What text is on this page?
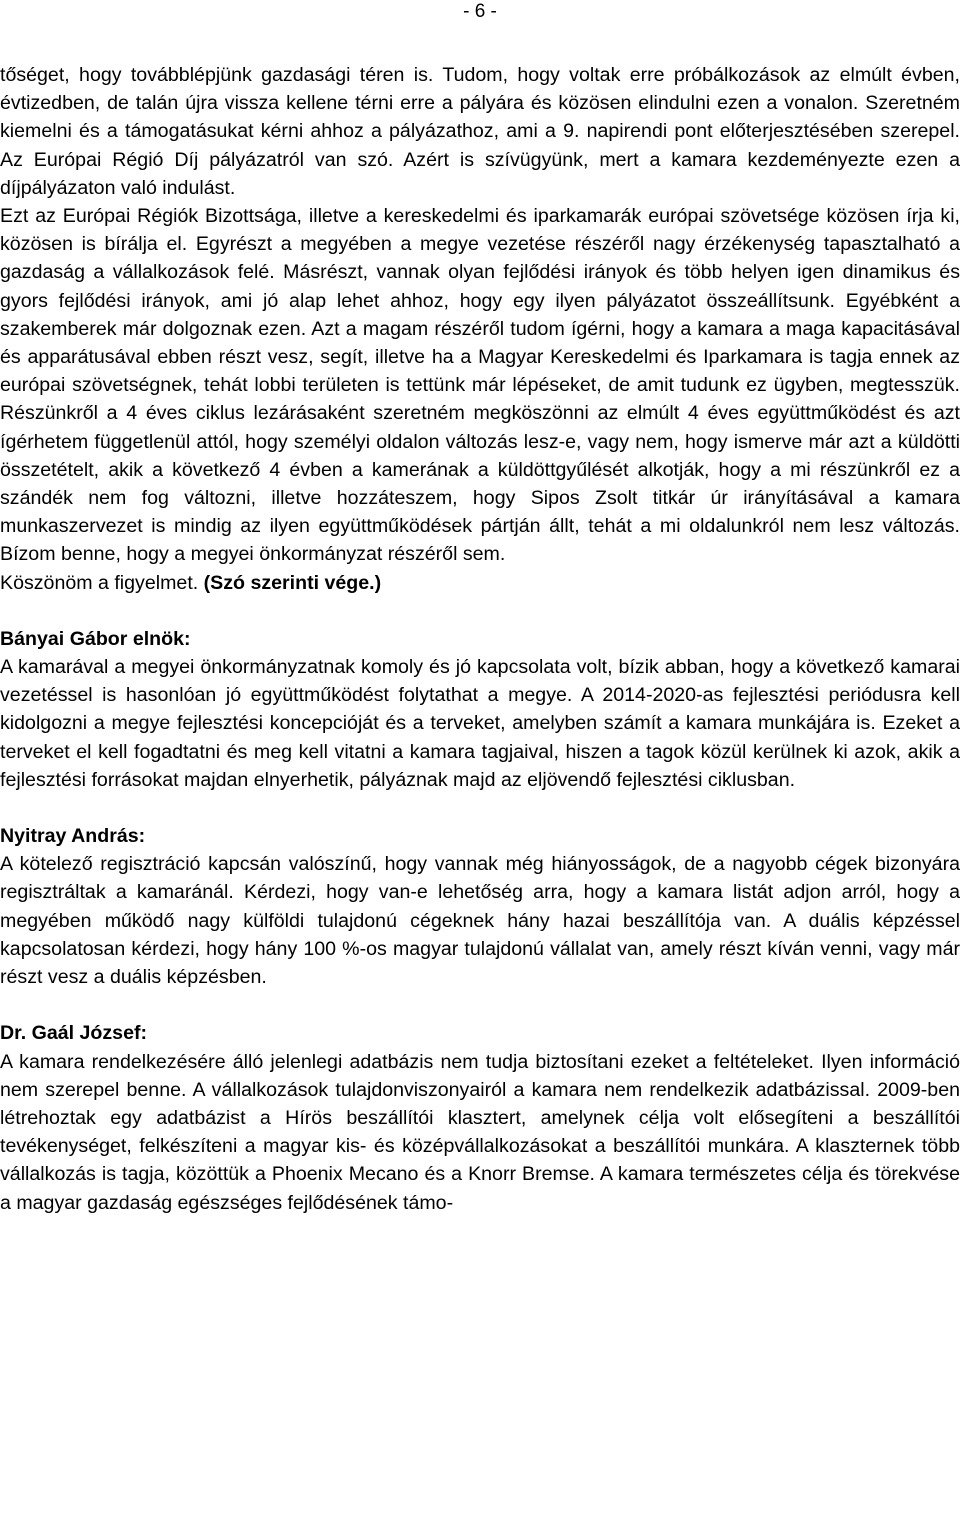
- 6 -

tőséget, hogy továbblépjünk gazdasági téren is. Tudom, hogy voltak erre próbálkozások az elmúlt évben, évtizedben, de talán újra vissza kellene térni erre a pályára és közösen elindulni ezen a vonalon. Szeretném kiemelni és a támogatásukat kérni ahhoz a pályázathoz, ami a 9. napirendi pont előterjesztésében szerepel. Az Európai Régió Díj pályázatról van szó. Azért is szívügyünk, mert a kamara kezdeményezte ezen a díjpályázaton való indulást.

Ezt az Európai Régiók Bizottsága, illetve a kereskedelmi és iparkamarák európai szövetsége közösen írja ki, közösen is bírálja el. Egyrészt a megyében a megye vezetése részéről nagy érzékenység tapasztalható a gazdaság a vállalkozások felé. Másrészt, vannak olyan fejlődési irányok és több helyen igen dinamikus és gyors fejlődési irányok, ami jó alap lehet ahhoz, hogy egy ilyen pályázatot összeállítsunk. Egyébként a szakemberek már dolgoznak ezen. Azt a magam részéről tudom ígérni, hogy a kamara a maga kapacitásával és apparátusával ebben részt vesz, segít, illetve ha a Magyar Kereskedelmi és Iparkamara is tagja ennek az európai szövetségnek, tehát lobbi területen is tettünk már lépéseket, de amit tudunk ez ügyben, megtesszük. Részünkről a 4 éves ciklus lezárásaként szeretném megköszönni az elmúlt 4 éves együttműködést és azt ígérhetem függetlenül attól, hogy személyi oldalon változás lesz-e, vagy nem, hogy ismerve már azt a küldötti összetételt, akik a következő 4 évben a kamerának a küldöttgyűlését alkotják, hogy a mi részünkről ez a szándék nem fog változni, illetve hozzáteszem, hogy Sipos Zsolt titkár úr irányításával a kamara munkaszervezet is mindig az ilyen együttműködések pártján állt, tehát a mi oldalunkról nem lesz változás. Bízom benne, hogy a megyei önkormányzat részéről sem.

Köszönöm a figyelmet. (Szó szerinti vége.)

Bányai Gábor elnök:

A kamarával a megyei önkormányzatnak komoly és jó kapcsolata volt, bízik abban, hogy a következő kamarai vezetéssel is hasonlóan jó együttműködést folytathat a megye. A 2014-2020-as fejlesztési periódusra kell kidolgozni a megye fejlesztési koncepcióját és a terveket, amelyben számít a kamara munkájára is. Ezeket a terveket el kell fogadtatni és meg kell vitatni a kamara tagjaival, hiszen a tagok közül kerülnek ki azok, akik a fejlesztési forrásokat majdan elnyerhetik, pályáznak majd az eljövendő fejlesztési ciklusban.

Nyitray András:

A kötelező regisztráció kapcsán valószínű, hogy vannak még hiányosságok, de a nagyobb cégek bizonyára regisztráltak a kamaránál. Kérdezi, hogy van-e lehetőség arra, hogy a kamara listát adjon arról, hogy a megyében működő nagy külföldi tulajdonú cégeknek hány hazai beszállítója van. A duális képzéssel kapcsolatosan kérdezi, hogy hány 100 %-os magyar tulajdonú vállalat van, amely részt kíván venni, vagy már részt vesz a duális képzésben.

Dr. Gaál József:

A kamara rendelkezésére álló jelenlegi adatbázis nem tudja biztosítani ezeket a feltételeket. Ilyen információ nem szerepel benne. A vállalkozások tulajdonviszonyairól a kamara nem rendelkezik adatbázissal. 2009-ben létrehoztak egy adatbázist a Hírös beszállítói klasztert, amelynek célja volt elősegíteni a beszállítói tevékenységet, felkészíteni a magyar kis- és középvállalkozásokat a beszállítói munkára. A klaszternek több vállalkozás is tagja, közöttük a Phoenix Mecano és a Knorr Bremse. A kamara természetes célja és törekvése a magyar gazdaság egészséges fejlődésének támo-
